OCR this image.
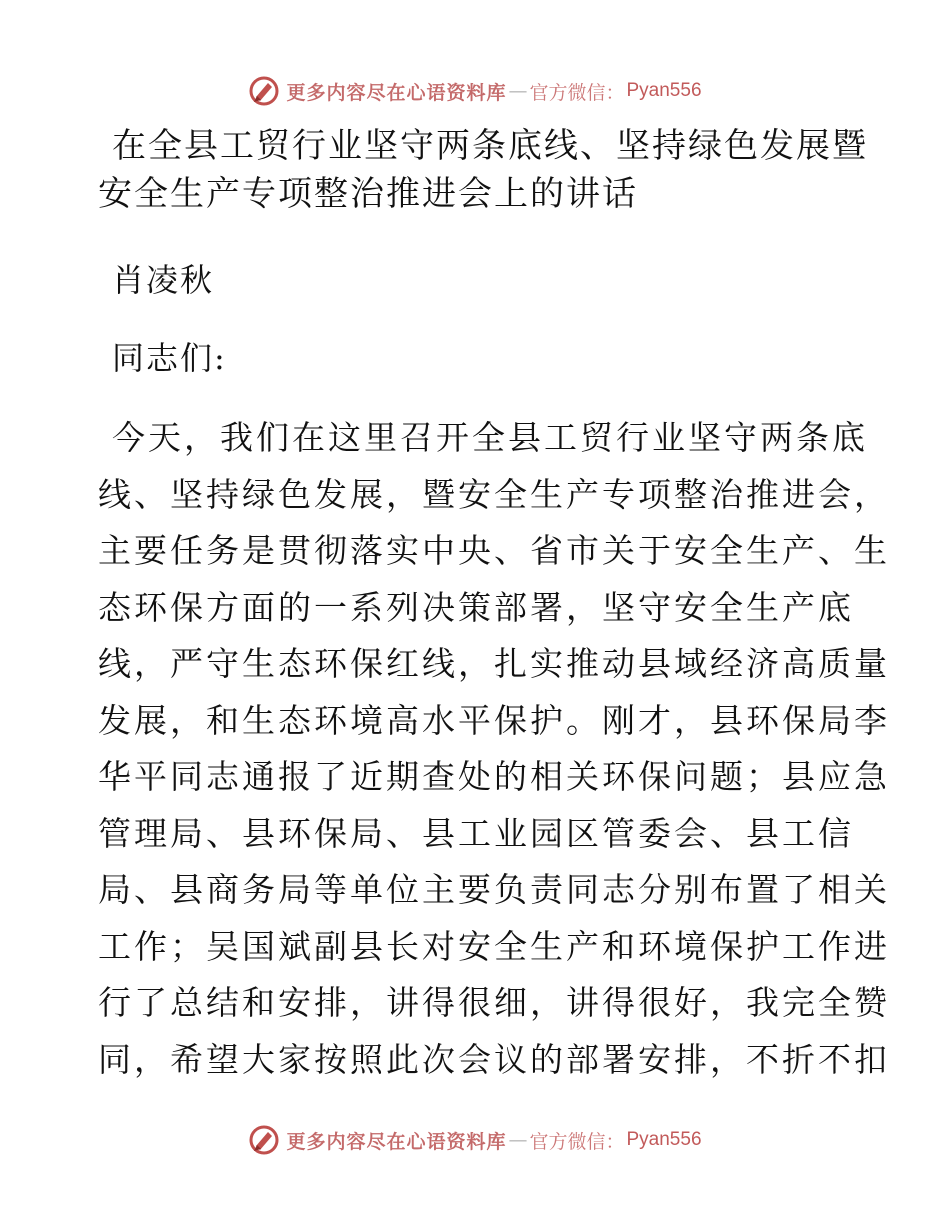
更多内容尽在心语资料库 — 官方微信： Pyan556

在全县工贸行业坚守两条底线、坚持绿色发展暨

安全生产专项整治推进会上的讲话

肖凌秋
同志们:
今天，我们在这里召开全县工贸行业坚守两条底
线、坚持绿色发展，暨安全生产专项整治推进会，
主要任务是贯彻落实中央、省市关于安全生产、生
态环保方面的一系列决策部署，坚守安全生产底
线，严守生态环保红线，扎实推动县域经济高质量
发展，和生态环境高水平保护。刚才，县环保局李
华平同志通报了近期查处的相关环保问题；县应急
管理局、县环保局、县工业园区管委会、县工信
局、县商务局等单位主要负责同志分别布置了相关
工作；吴国斌副县长对安全生产和环境保护工作进
行了总结和安排，讲得很细，讲得很好，我完全赞
同，希望大家按照此次会议的部署安排，不折不扣
更多内容尽在心语资料库 — 官方微信： Pyan556
